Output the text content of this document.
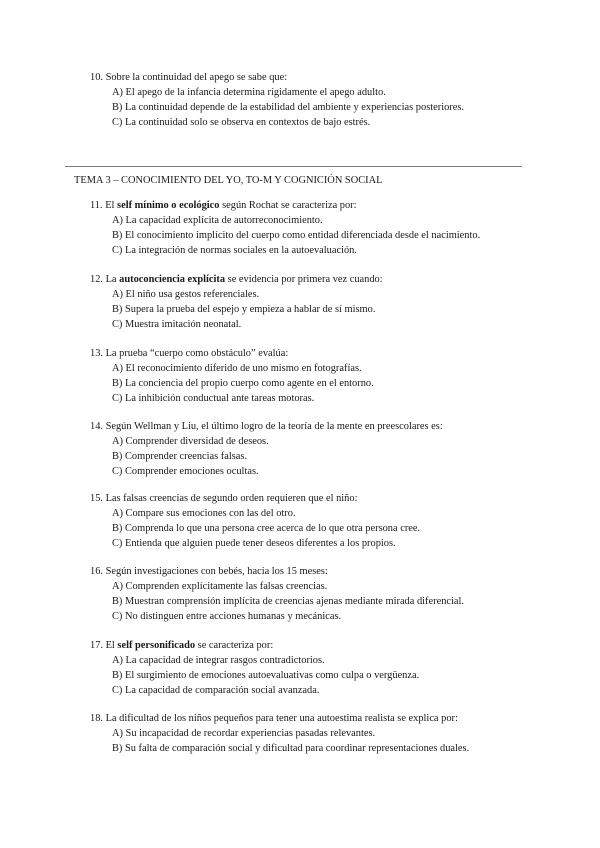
10. Sobre la continuidad del apego se sabe que:
A) El apego de la infancia determina rígidamente el apego adulto.
B) La continuidad depende de la estabilidad del ambiente y experiencias posteriores.
C) La continuidad solo se observa en contextos de bajo estrés.
TEMA 3 – CONOCIMIENTO DEL YO, TO-M Y COGNICIÓN SOCIAL
11. El self mínimo o ecológico según Rochat se caracteriza por:
A) La capacidad explícita de autorreconocimiento.
B) El conocimiento implícito del cuerpo como entidad diferenciada desde el nacimiento.
C) La integración de normas sociales en la autoevaluación.
12. La autoconciencia explícita se evidencia por primera vez cuando:
A) El niño usa gestos referenciales.
B) Supera la prueba del espejo y empieza a hablar de sí mismo.
C) Muestra imitación neonatal.
13. La prueba “cuerpo como obstáculo” evalúa:
A) El reconocimiento diferido de uno mismo en fotografías.
B) La conciencia del propio cuerpo como agente en el entorno.
C) La inhibición conductual ante tareas motoras.
14. Según Wellman y Liu, el último logro de la teoría de la mente en preescolares es:
A) Comprender diversidad de deseos.
B) Comprender creencias falsas.
C) Comprender emociones ocultas.
15. Las falsas creencias de segundo orden requieren que el niño:
A) Compare sus emociones con las del otro.
B) Comprenda lo que una persona cree acerca de lo que otra persona cree.
C) Entienda que alguien puede tener deseos diferentes a los propios.
16. Según investigaciones con bebés, hacia los 15 meses:
A) Comprenden explícitamente las falsas creencias.
B) Muestran comprensión implícita de creencias ajenas mediante mirada diferencial.
C) No distinguen entre acciones humanas y mecánicas.
17. El self personificado se caracteriza por:
A) La capacidad de integrar rasgos contradictorios.
B) El surgimiento de emociones autoevaluativas como culpa o vergüenza.
C) La capacidad de comparación social avanzada.
18. La dificultad de los niños pequeños para tener una autoestima realista se explica por:
A) Su incapacidad de recordar experiencias pasadas relevantes.
B) Su falta de comparación social y dificultad para coordinar representaciones duales.
